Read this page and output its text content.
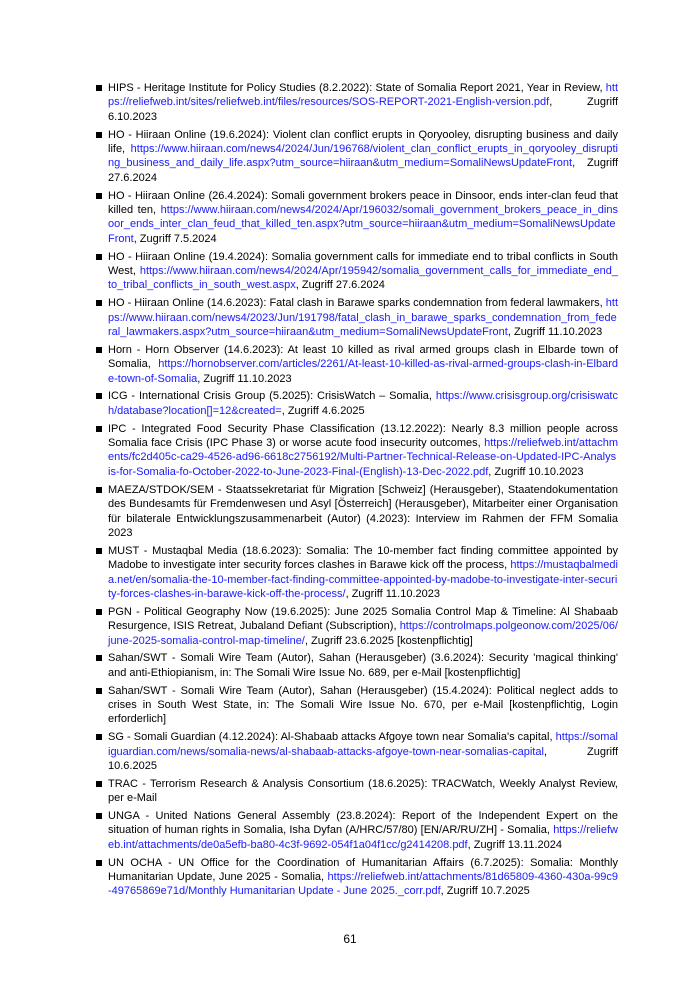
HIPS - Heritage Institute for Policy Studies (8.2.2022): State of Somalia Report 2021, Year in Review, https://reliefweb.int/sites/reliefweb.int/files/resources/SOS-REPORT-2021-English-version.pdf, Zugriff 6.10.2023
HO - Hiiraan Online (19.6.2024): Violent clan conflict erupts in Qoryooley, disrupting business and daily life, https://www.hiiraan.com/news4/2024/Jun/196768/violent_clan_conflict_erupts_in_qoryooley_disrupting_business_and_daily_life.aspx?utm_source=hiiraan&utm_medium=SomaliNewsUpdateFront, Zugriff 27.6.2024
HO - Hiiraan Online (26.4.2024): Somali government brokers peace in Dinsoor, ends inter-clan feud that killed ten, https://www.hiiraan.com/news4/2024/Apr/196032/somali_government_brokers_peace_in_dinsoor_ends_inter_clan_feud_that_killed_ten.aspx?utm_source=hiiraan&utm_medium=SomaliNewsUpdateFront, Zugriff 7.5.2024
HO - Hiiraan Online (19.4.2024): Somalia government calls for immediate end to tribal conflicts in South West, https://www.hiiraan.com/news4/2024/Apr/195942/somalia_government_calls_for_immediate_end_to_tribal_conflicts_in_south_west.aspx, Zugriff 27.6.2024
HO - Hiiraan Online (14.6.2023): Fatal clash in Barawe sparks condemnation from federal lawmakers, https://www.hiiraan.com/news4/2023/Jun/191798/fatal_clash_in_barawe_sparks_condemnation_from_federal_lawmakers.aspx?utm_source=hiiraan&utm_medium=SomaliNewsUpdateFront, Zugriff 11.10.2023
Horn - Horn Observer (14.6.2023): At least 10 killed as rival armed groups clash in Elbarde town of Somalia, https://hornobserver.com/articles/2261/At-least-10-killed-as-rival-armed-groups-clash-in-Elbarde-town-of-Somalia, Zugriff 11.10.2023
ICG - International Crisis Group (5.2025): CrisisWatch – Somalia, https://www.crisisgroup.org/crisiswatch/database?location[]=12&created=, Zugriff 4.6.2025
IPC - Integrated Food Security Phase Classification (13.12.2022): Nearly 8.3 million people across Somalia face Crisis (IPC Phase 3) or worse acute food insecurity outcomes, https://reliefweb.int/attachments/fc2d405c-ca29-4526-ad96-6618c2756192/Multi-Partner-Technical-Release-on-Updated-IPC-Analysis-for-Somalia-fo-October-2022-to-June-2023-Final-(English)-13-Dec-2022.pdf, Zugriff 10.10.2023
MAEZA/STDOK/SEM - Staatssekretariat für Migration [Schweiz] (Herausgeber), Staatendokumentation des Bundesamts für Fremdenwesen und Asyl [Österreich] (Herausgeber), Mitarbeiter einer Organisation für bilaterale Entwicklungszusammenarbeit (Autor) (4.2023): Interview im Rahmen der FFM Somalia 2023
MUST - Mustaqbal Media (18.6.2023): Somalia: The 10-member fact finding committee appointed by Madobe to investigate inter security forces clashes in Barawe kick off the process, https://mustaqbalmedia.net/en/somalia-the-10-member-fact-finding-committee-appointed-by-madobe-to-investigate-inter-security-forces-clashes-in-barawe-kick-off-the-process/, Zugriff 11.10.2023
PGN - Political Geography Now (19.6.2025): June 2025 Somalia Control Map & Timeline: Al Shabaab Resurgence, ISIS Retreat, Jubaland Defiant (Subscription), https://controlmaps.polgeonow.com/2025/06/june-2025-somalia-control-map-timeline/, Zugriff 23.6.2025 [kostenpflichtig]
Sahan/SWT - Somali Wire Team (Autor), Sahan (Herausgeber) (3.6.2024): Security 'magical thinking' and anti-Ethiopianism, in: The Somali Wire Issue No. 689, per e-Mail [kostenpflichtig]
Sahan/SWT - Somali Wire Team (Autor), Sahan (Herausgeber) (15.4.2024): Political neglect adds to crises in South West State, in: The Somali Wire Issue No. 670, per e-Mail [kostenpflichtig, Login erforderlich]
SG - Somali Guardian (4.12.2024): Al-Shabaab attacks Afgoye town near Somalia's capital, https://somaliguardian.com/news/somalia-news/al-shabaab-attacks-afgoye-town-near-somalias-capital, Zugriff 10.6.2025
TRAC - Terrorism Research & Analysis Consortium (18.6.2025): TRACWatch, Weekly Analyst Review, per e-Mail
UNGA - United Nations General Assembly (23.8.2024): Report of the Independent Expert on the situation of human rights in Somalia, Isha Dyfan (A/HRC/57/80) [EN/AR/RU/ZH] - Somalia, https://reliefweb.int/attachments/de0a5efb-ba80-4c3f-9692-054f1a04f1cc/g2414208.pdf, Zugriff 13.11.2024
UN OCHA - UN Office for the Coordination of Humanitarian Affairs (6.7.2025): Somalia: Monthly Humanitarian Update, June 2025 - Somalia, https://reliefweb.int/attachments/81d65809-4360-430a-99c9-49765869e71d/Monthly Humanitarian Update - June 2025._corr.pdf, Zugriff 10.7.2025
61
